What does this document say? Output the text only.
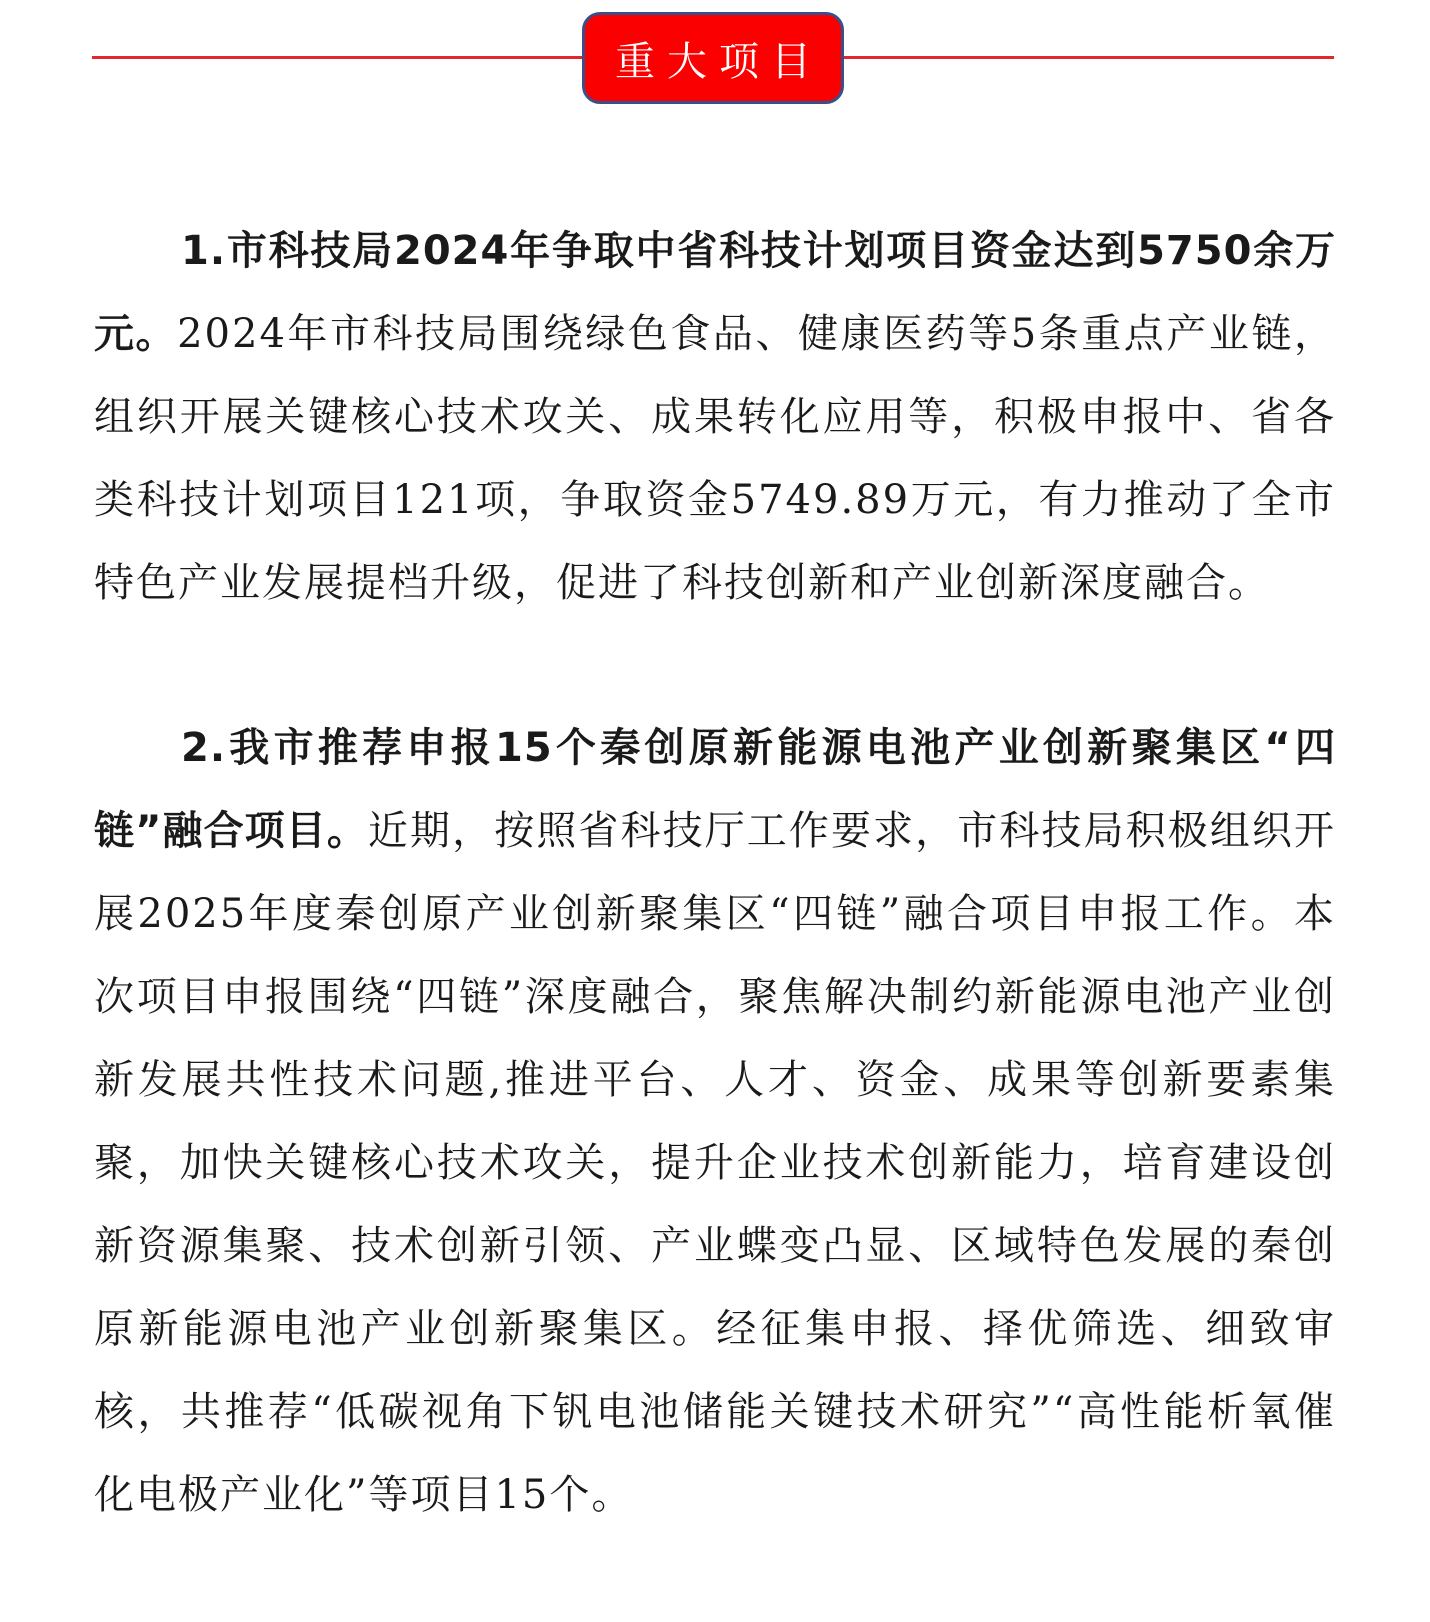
重大项目

1.市科技局2024年争取中省科技计划项目资金达到5750余万元。2024年市科技局围绕绿色食品、健康医药等5条重点产业链，组织开展关键核心技术攻关、成果转化应用等，积极申报中、省各类科技计划项目121项，争取资金5749.89万元，有力推动了全市特色产业发展提档升级，促进了科技创新和产业创新深度融合。

2.我市推荐申报15个秦创原新能源电池产业创新聚集区“四链”融合项目。近期，按照省科技厅工作要求，市科技局积极组织开展2025年度秦创原产业创新聚集区“四链”融合项目申报工作。本次项目申报围绕“四链”深度融合，聚焦解决制约新能源电池产业创新发展共性技术问题,推进平台、人才、资金、成果等创新要素集聚，加快关键核心技术攻关，提升企业技术创新能力，培育建设创新资源集聚、技术创新引领、产业蝶变凸显、区域特色发展的秦创原新能源电池产业创新聚集区。经征集申报、择优筛选、细致审核，共推荐“低碳视角下钒电池储能关键技术研究”“高性能析氧催化电极产业化”等项目15个。
